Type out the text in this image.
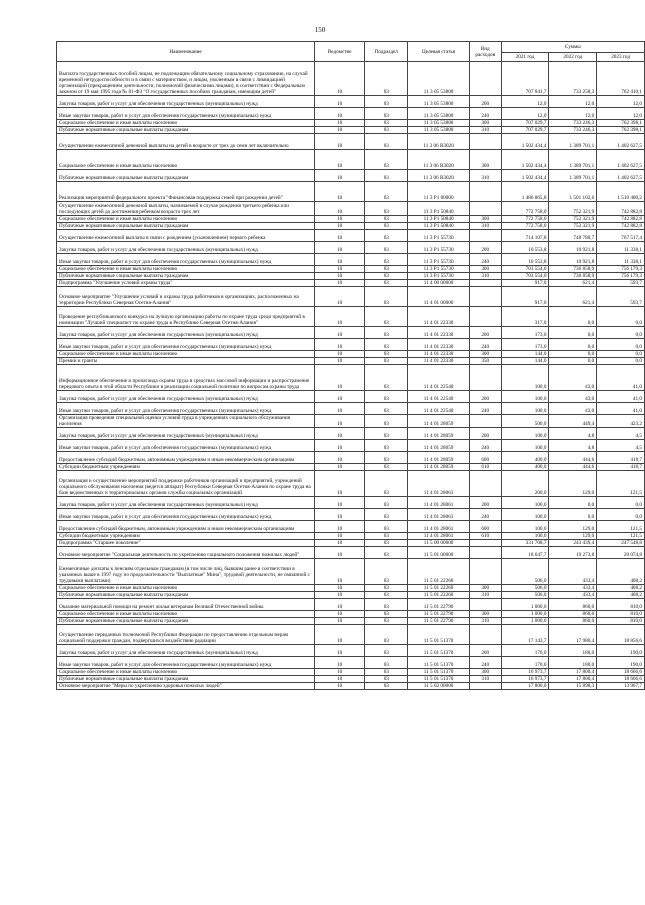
150
Наименование	Ведомство	Подраздел	Целевая статья	Вид расходов	Суммы		
					2021 год	2022 год	2023 год
Выплата государственных пособий лицам, не подлежащим обязательному социальному страхованию, на случай временной нетрудоспособности и в связи с материнством, и лицам, уволенным в связи с ликвидацией организаций (прекращением деятельности, полномочий физическими лицами), в соответствии с Федеральным законом от 19 мая 1995 года № 81-ФЗ "О государственных пособиях гражданам, имеющим детей"	10	03	11 3 05 53800		707 041,7	733 258,3	762 410,1
Закупка товаров, работ и услуг для обеспечения государственных (муниципальных) нужд	10	03	11 3 05 53800	200	12,0	12,0	12,0
Иные закупки товаров, работ и услуг для обеспечения государственных (муниципальных) нужд	10	03	11 3 05 53800	240	12,0	12,0	12,0
Социальное обеспечение и иные выплаты населению	10	03	11 3 05 53800	300	707 029,7	733 246,3	762 398,1
Публичные нормативные социальные выплаты гражданам	10	03	11 3 05 53800	310	707 029,7	733 246,3	762 398,1
Осуществление ежемесячной денежной выплаты на детей в возрасте от трех до семи лет включительно	10	03	11 3 06 R3020		1 502 434,4	1 389 701,1	1 402 627,5
Социальное обеспечение и иные выплаты населению	10	03	11 3 06 R3020	300	1 502 434,4	1 389 701,1	1 402 627,5
Публичные нормативные социальные выплаты гражданам	10	03	11 3 06 R3020	310	1 502 434,4	1 389 701,1	1 402 627,5
Реализация мероприятий федерального проекта "Финансовая поддержка семей при рождении детей"	10	03	11 3 P1 00000		1 486 865,8	1 501 102,6	1 510 400,2
Осуществление ежемесячной денежной выплаты, назначаемой в случае рождения третьего ребенка или последующих детей до достижения ребенком возраста трех лет	10	03	11 3 P1 50840		772 758,0	752 321,9	742 882,8
Социальное обеспечение и иные выплаты населению	10	03	11 3 P1 50840	300	772 758,0	752 321,9	742 882,8
Публичные нормативные социальные выплаты гражданам	10	03	11 3 P1 50840	310	772 758,0	752 321,9	742 882,8
Осуществление ежемесячной выплаты в связи с рождением (усыновлением) первого ребенка	10	03	11 3 P1 55730		714 107,8	748 780,7	767 517,4
Закупка товаров, работ и услуг для обеспечения государственных (муниципальных) нужд	10	03	11 3 P1 55730	200	10 553,8	10 921,8	11 338,1
Иные закупки товаров, работ и услуг для обеспечения государственных (муниципальных) нужд	10	03	11 3 P1 55730	240	10 553,8	10 921,8	11 338,1
Социальное обеспечение и иные выплаты населению	10	03	11 3 P1 55730	300	703 554,0	736 858,9	756 179,3
Публичные нормативные социальные выплаты гражданам	10	03	11 3 P1 55730	310	703 554,0	736 858,9	756 179,3
Подпрограмма "Улучшение условий охраны труда"	10	03	11 4 00 00000		917,0	621,4	593,7
Основное мероприятие "Улучшение условий и охраны труда работников в организациях, расположенных на территории Республики Северная Осетия-Алания"	10	03	11 4 01 00000		917,0	621,4	593,7
Проведение республиканского конкурса на лучшую организацию работы по охране труда среди предприятий в номинации "Лучший специалист по охране труда в Республике Северная Осетия-Алания"	10	03	11 4 01 22330		317,0	0,0	0,0
Закупка товаров, работ и услуг для обеспечения государственных (муниципальных) нужд	10	03	11 4 01 22330	200	173,0	0,0	0,0
Иные закупки товаров, работ и услуг для обеспечения государственных (муниципальных) нужд	10	03	11 4 01 22330	240	173,0	0,0	0,0
Социальное обеспечение и иные выплаты населению	10	03	11 4 01 22330	300	144,0	0,0	0,0
Премии и гранты	10	03	11 4 01 22330	350	144,0	0,0	0,0
Информационное обеспечение и пропаганда охраны труда в средствах массовой информации и распространение передового опыта в этой области Республики в реализации социальной политики по вопросам охраны труда	10	03	11 4 01 22540		100,0	43,0	41,0
Закупка товаров, работ и услуг для обеспечения государственных (муниципальных) нужд	10	03	11 4 01 22540	200	100,0	43,0	41,0
Иные закупки товаров, работ и услуг для обеспечения государственных (муниципальных) нужд	10	03	11 4 01 22540	240	100,0	43,0	41,0
Организация проведения специальной оценки условий труда в учреждениях социального обслуживания населения	10	03	11 4 01 28059		500,0	449,4	423,2
Закупка товаров, работ и услуг для обеспечения государственных (муниципальных) нужд	10	03	11 4 01 28059	200	100,0	4,8	4,5
Иные закупки товаров, работ и услуг для обеспечения государственных (муниципальных) нужд	10	03	11 4 01 28059	240	100,0	4,8	4,5
Предоставление субсидий бюджетным, автономным учреждениям и иным некоммерческим организациям	10	03	11 4 01 28059	600	400,0	444,6	418,7
Субсидии бюджетным учреждениям	10	03	11 4 01 28059	610	400,0	444,6	418,7
Организация и осуществление мероприятий поддержки работников организаций и предприятий, учреждений социального обслуживания населения (ведется аппарат) Республики Северная Осетия-Алания по охране труда на базе ведомственных и территориальных органов службы социальных организаций	10	03	11 4 01 28061		200,0	129,0	121,5
Закупка товаров, работ и услуг для обеспечения государственных (муниципальных) нужд	10	03	11 4 01 28061	200	100,0	0,0	0,0
Иные закупки товаров, работ и услуг для обеспечения государственных (муниципальных) нужд	10	03	11 4 01 28061	240	100,0	0,0	0,0
Предоставление субсидий бюджетным, автономным учреждениям и иным некоммерческим организациям	10	03	11 4 01 28061	600	100,0	129,0	121,5
Субсидии бюджетным учреждениям	10	03	11 4 01 28061	610	100,0	129,0	121,5
Подпрограмма "Старшее поколение"	10	03	11 5 00 00000		331 708,7	243 439,4	247 548,8
Основное мероприятие "Социальная деятельность по укреплению социального положения пожилых людей"	10	03	11 5 01 00000		18 647,7	19 273,8	20 074,8
Ежемесячные доплаты к пенсиям отдельным гражданам (в том числе лиц, бывшим ранее в соответствии в указанных выше в 1997 году по продолжительности "Выплатные" Мина", трудовой деятельности, не связанной с трудовыми выплатами)	10	03	11 5 01 22260		506,0	433,4	408,2
Социальное обеспечение и иные выплаты населению	10	03	11 5 01 22260	300	506,0	433,4	408,2
Публичные нормативные социальные выплаты гражданам	10	03	11 5 01 22260	310	506,0	433,4	408,2
Оказание материальной помощи на ремонт жилья ветеранам Великой Отечественной войны	10	03	11 5 01 22790		1 000,0	860,0	810,0
Социальное обеспечение и иные выплаты населению	10	03	11 5 01 22790	300	1 000,0	860,0	810,0
Публичные нормативные социальные выплаты гражданам	10	03	11 5 01 22790	310	1 000,0	860,0	810,0
Осуществление переданных полномочий Республики Федерации по предоставлению отдельным мерам социальной поддержки граждан, подвергшихся воздействию радиации	10	03	11 5 01 51370		17 143,7	17 980,4	18 856,6
Закупка товаров, работ и услуг для обеспечения государственных (муниципальных) нужд	10	03	11 5 01 51370	200	170,0	180,0	190,0
Иные закупки товаров, работ и услуг для обеспечения государственных (муниципальных) нужд	10	03	11 5 01 51370	240	170,0	180,0	190,0
Социальное обеспечение и иные выплаты населению	10	03	11 5 01 51370	300	16 973,7	17 800,4	18 666,6
Публичные нормативные социальные выплаты гражданам	10	03	11 5 01 51370	310	16 973,7	17 800,4	18 666,6
Основное мероприятие "Меры по укреплению здоровья пожилых людей"	10	03	11 5 02 00000		17 800,0	15 898,3	13 967,7
